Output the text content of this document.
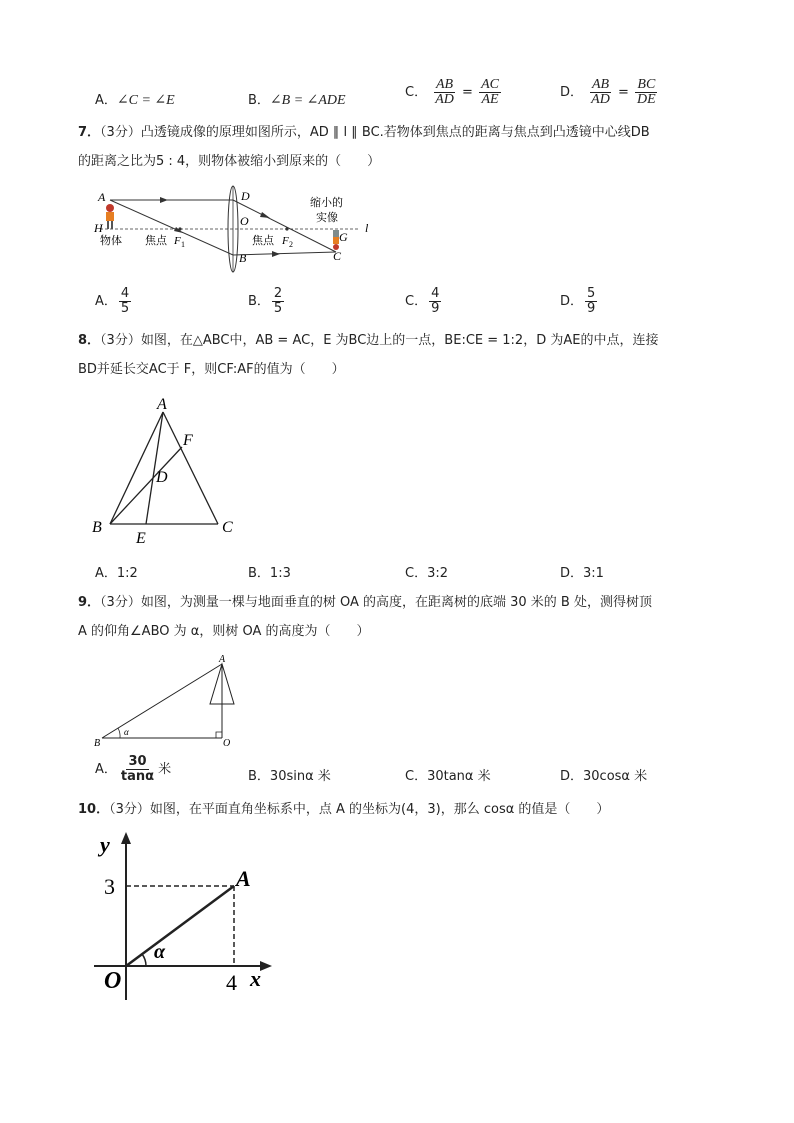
A．∠C = ∠E	B．∠B = ∠ADE
C． $\frac{AB}{AD} = \frac{AC}{AE}$	D． $\frac{AB}{AD} = \frac{BC}{DE}$
7．（3分）凸透镜成像的原理如图所示，AD ∥ l ∥ BC.若物体到焦点的距离与焦点到凸透镜中心线DB
的距离之比为5 : 4，则物体被缩小到原来的（　　）
A
H
D
O
B	C
G
l
物体 焦点 F 1	焦点 F 2
缩小的
实像
A． $\frac{4}{5}$	B． $\frac{2}{5}$	C． $\frac{4}{9}$	D． $\frac{5}{9}$
8．（3分）如图，在△ABC中，AB = AC，E 为BC边上的一点，BE:CE = 1:2，D 为AE的中点，连接
BD并延长交AC于 F，则CF:AF的值为（　　）
A
B	C
D
E
F
A．1:2	B．1:3	C．3:2	D．3:1
9．（3分）如图，为测量一棵与地面垂直的树 OA 的高度，在距离树的底端 30 米的 B 处，测得树顶
A 的仰角∠ABO 为 α，则树 OA 的高度为（　　）
A
B	O
α
A． $\frac{30}{\tan\alpha}$ 米	B．30sinα 米	C．30tanα 米	D．30cosα 米
10．（3分）如图，在平面直角坐标系中，点 A 的坐标为(4，3)，那么 cosα 的值是（　　）
y
x
O
A
3
4
α
